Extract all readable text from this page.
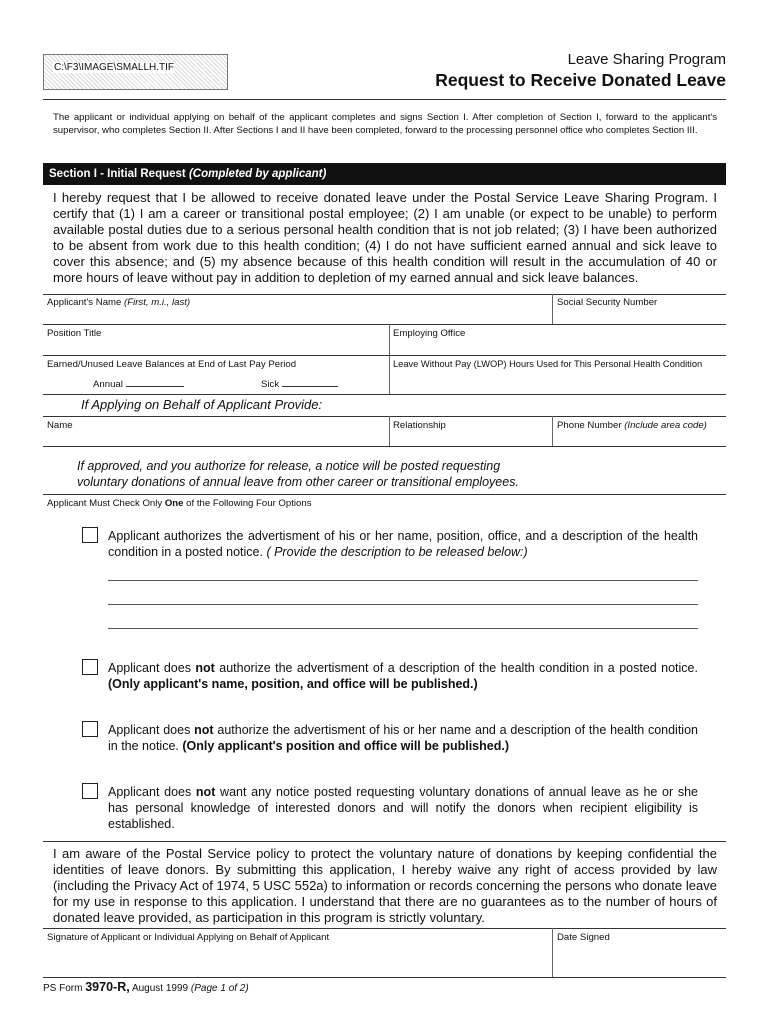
C:\F3\IMAGE\SMALLH.TIF	Leave Sharing Program
Request to Receive Donated Leave
The applicant or individual applying on behalf of the applicant completes and signs Section I. After completion of Section I, forward to the applicant's supervisor, who completes Section II. After Sections I and II have been completed, forward to the processing personnel office who completes Section III.
Section I - Initial Request (Completed by applicant)
I hereby request that I be allowed to receive donated leave under the Postal Service Leave Sharing Program. I certify that (1) I am a career or transitional postal employee; (2) I am unable (or expect to be unable) to perform available postal duties due to a serious personal health condition that is not job related; (3) I have been authorized to be absent from work due to this health condition; (4) I do not have sufficient earned annual and sick leave to cover this absence; and (5) my absence because of this health condition will result in the accumulation of 40 or more hours of leave without pay in addition to depletion of my earned annual and sick leave balances.
Applicant's Name (First, m.i., last)	Social Security Number
Position Title	Employing Office
Earned/Unused Leave Balances at End of Last Pay Period
Annual	Sick
Leave Without Pay (LWOP) Hours Used for This Personal Health Condition
If Applying on Behalf of Applicant Provide:
Name	Relationship	Phone Number (Include area code)
If approved, and you authorize for release, a notice will be posted requesting
voluntary donations of annual leave from other career or transitional employees.
Applicant Must Check Only One of the Following Four Options
Applicant authorizes the advertisment of his or her name, position, office, and a description of the health condition in a posted notice. ( Provide the description to be released below:)
Applicant does not authorize the advertisment of a description of the health condition in a posted notice. (Only applicant's name, position, and office will be published.)
Applicant does not authorize the advertisment of his or her name and a description of the health condition in the notice. (Only applicant's position and office will be published.)
Applicant does not want any notice posted requesting voluntary donations of annual leave as he or she has personal knowledge of interested donors and will notify the donors when recipient eligibility is established.
I am aware of the Postal Service policy to protect the voluntary nature of donations by keeping confidential the identities of leave donors. By submitting this application, I hereby waive any right of access provided by law (including the Privacy Act of 1974, 5 USC 552a) to information or records concerning the persons who donate leave for my use in response to this application. I understand that there are no guarantees as to the number of hours of donated leave provided, as participation in this program is strictly voluntary.
Signature of Applicant or Individual Applying on Behalf of Applicant	Date Signed
PS Form 3970-R, August 1999 (Page 1 of 2)
